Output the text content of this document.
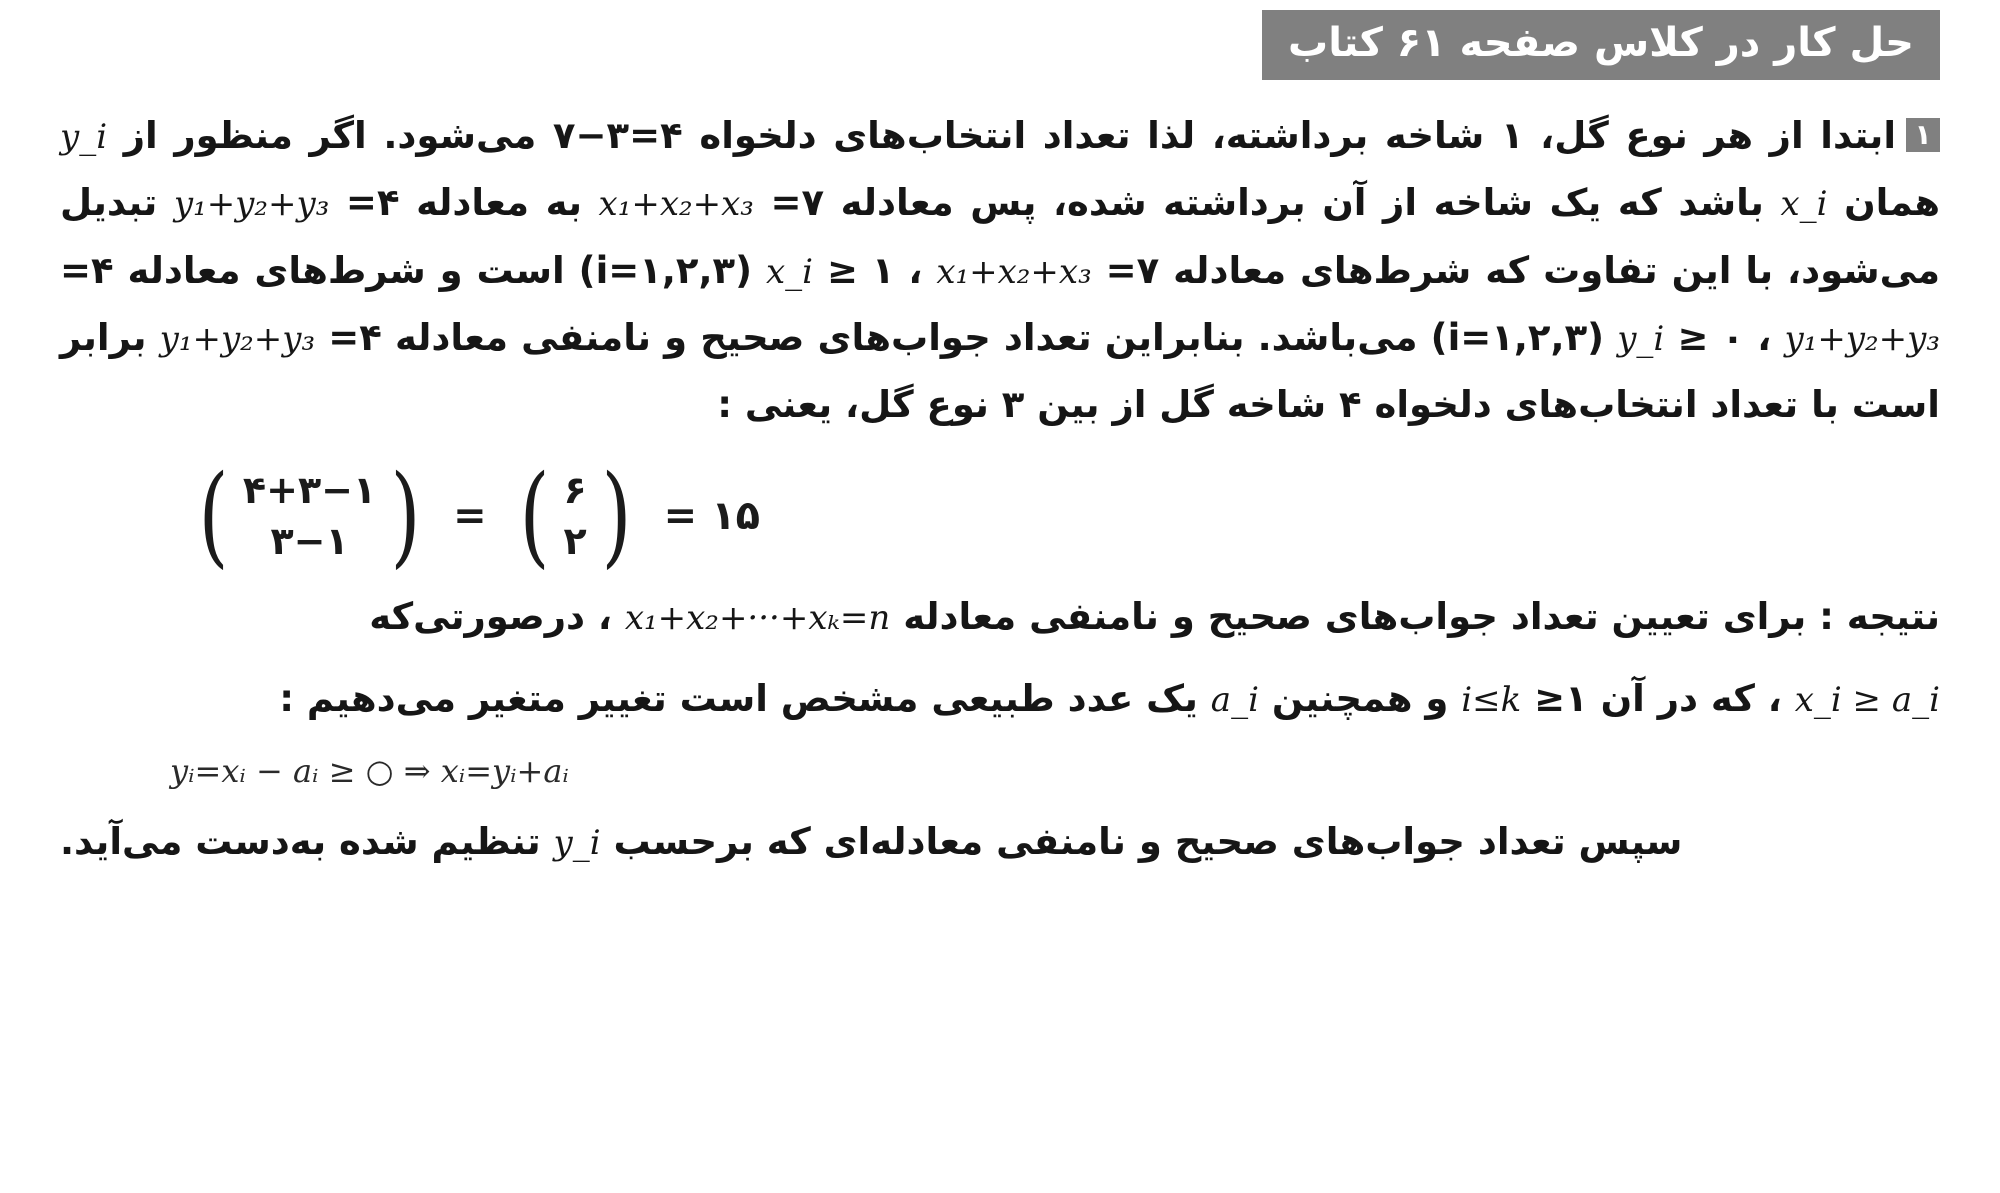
حل کار در کلاس صفحه ۶۱ کتاب
۱ابتدا از هر نوع گل، ۱ شاخه برداشته، لذا تعداد انتخاب‌های دلخواه ۴=۳−۷ می‌شود. اگر منظور از y_i همان x_i باشد که یک شاخه از آن برداشته شده، پس معادله ۷= x₁+x₂+x₃ به معادله ۴= y₁+y₂+y₃ تبدیل می‌شود، با این تفاوت که شرط‌های معادله ۷= x₁+x₂+x₃ ، ۱ ≤ x_i (۱,۲,۳=i) است و شرط‌های معادله ۴= y₁+y₂+y₃ ، ۰ ≤ y_i (۱,۲,۳=i) می‌باشد. بنابراین تعداد جواب‌های صحیح و نامنفی معادله ۴= y₁+y₂+y₃ برابر است با تعداد انتخاب‌های دلخواه ۴ شاخه گل از بین ۳ نوع گل، یعنی :
( ۴+۳−۱
۳−۱ ) = ( ۶
۲ ) = ۱۵
نتیجه : برای تعیین تعداد جواب‌های صحیح و نامنفی معادله x₁+x₂+···+xₖ=n ، درصورتی‌که
x_i ≥ a_i ، که در آن ۱≤ i≤k و همچنین a_i یک عدد طبیعی مشخص است تغییر متغیر می‌دهیم :
yᵢ=xᵢ − aᵢ ≥ ○ ⇒ xᵢ=yᵢ+aᵢ
سپس تعداد جواب‌های صحیح و نامنفی معادله‌ای که برحسب y_i تنظیم شده به‌دست می‌آید.
